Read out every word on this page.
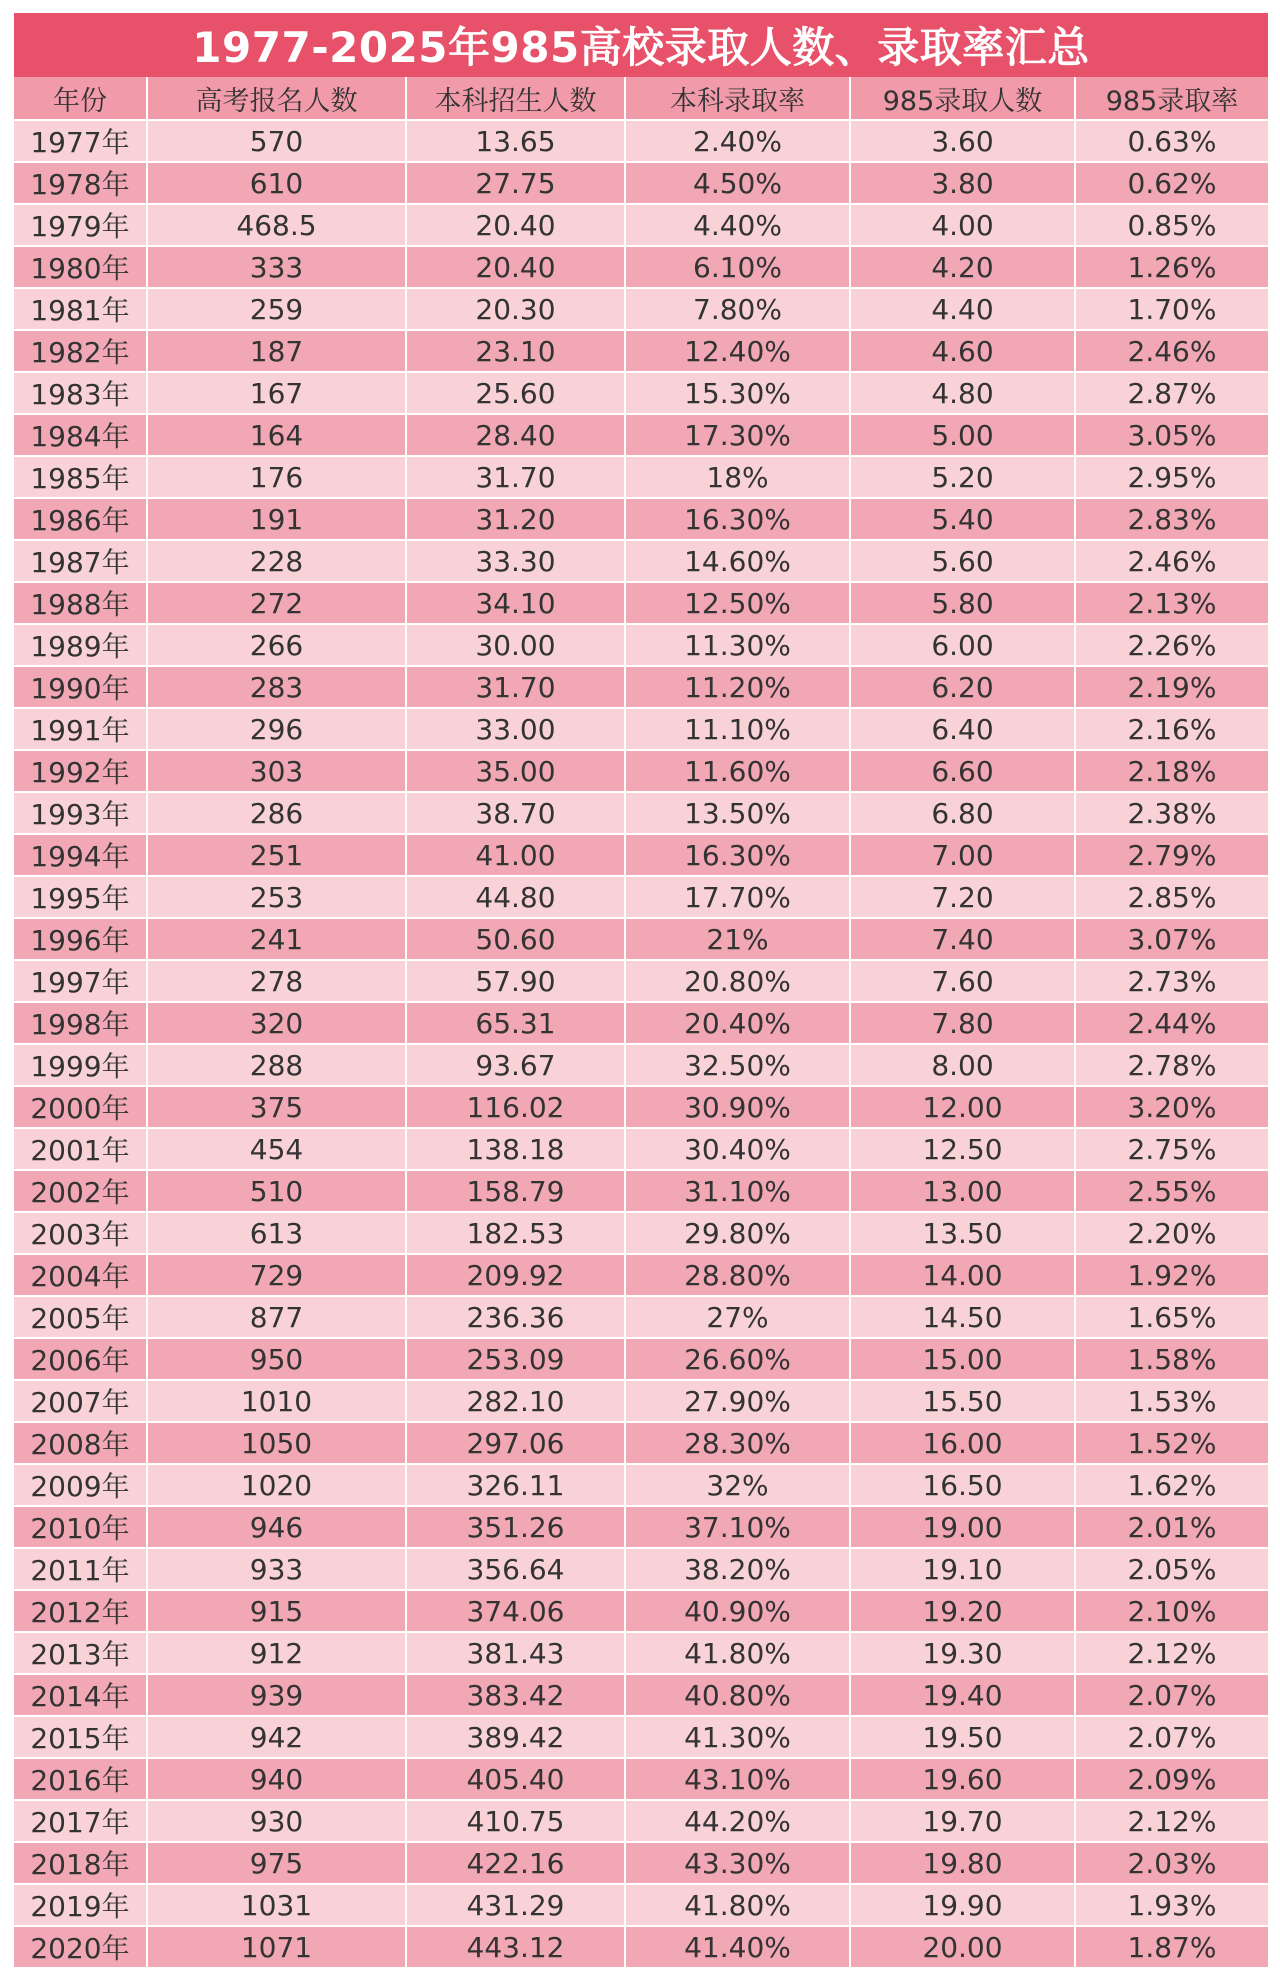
1977-2025年985高校录取人数、录取率汇总
年份	高考报名人数	本科招生人数	本科录取率	985录取人数	985录取率
1977年	570	13.65	2.40%	3.60	0.63%
1978年	610	27.75	4.50%	3.80	0.62%
1979年	468.5	20.40	4.40%	4.00	0.85%
1980年	333	20.40	6.10%	4.20	1.26%
1981年	259	20.30	7.80%	4.40	1.70%
1982年	187	23.10	12.40%	4.60	2.46%
1983年	167	25.60	15.30%	4.80	2.87%
1984年	164	28.40	17.30%	5.00	3.05%
1985年	176	31.70	18%	5.20	2.95%
1986年	191	31.20	16.30%	5.40	2.83%
1987年	228	33.30	14.60%	5.60	2.46%
1988年	272	34.10	12.50%	5.80	2.13%
1989年	266	30.00	11.30%	6.00	2.26%
1990年	283	31.70	11.20%	6.20	2.19%
1991年	296	33.00	11.10%	6.40	2.16%
1992年	303	35.00	11.60%	6.60	2.18%
1993年	286	38.70	13.50%	6.80	2.38%
1994年	251	41.00	16.30%	7.00	2.79%
1995年	253	44.80	17.70%	7.20	2.85%
1996年	241	50.60	21%	7.40	3.07%
1997年	278	57.90	20.80%	7.60	2.73%
1998年	320	65.31	20.40%	7.80	2.44%
1999年	288	93.67	32.50%	8.00	2.78%
2000年	375	116.02	30.90%	12.00	3.20%
2001年	454	138.18	30.40%	12.50	2.75%
2002年	510	158.79	31.10%	13.00	2.55%
2003年	613	182.53	29.80%	13.50	2.20%
2004年	729	209.92	28.80%	14.00	1.92%
2005年	877	236.36	27%	14.50	1.65%
2006年	950	253.09	26.60%	15.00	1.58%
2007年	1010	282.10	27.90%	15.50	1.53%
2008年	1050	297.06	28.30%	16.00	1.52%
2009年	1020	326.11	32%	16.50	1.62%
2010年	946	351.26	37.10%	19.00	2.01%
2011年	933	356.64	38.20%	19.10	2.05%
2012年	915	374.06	40.90%	19.20	2.10%
2013年	912	381.43	41.80%	19.30	2.12%
2014年	939	383.42	40.80%	19.40	2.07%
2015年	942	389.42	41.30%	19.50	2.07%
2016年	940	405.40	43.10%	19.60	2.09%
2017年	930	410.75	44.20%	19.70	2.12%
2018年	975	422.16	43.30%	19.80	2.03%
2019年	1031	431.29	41.80%	19.90	1.93%
2020年	1071	443.12	41.40%	20.00	1.87%
